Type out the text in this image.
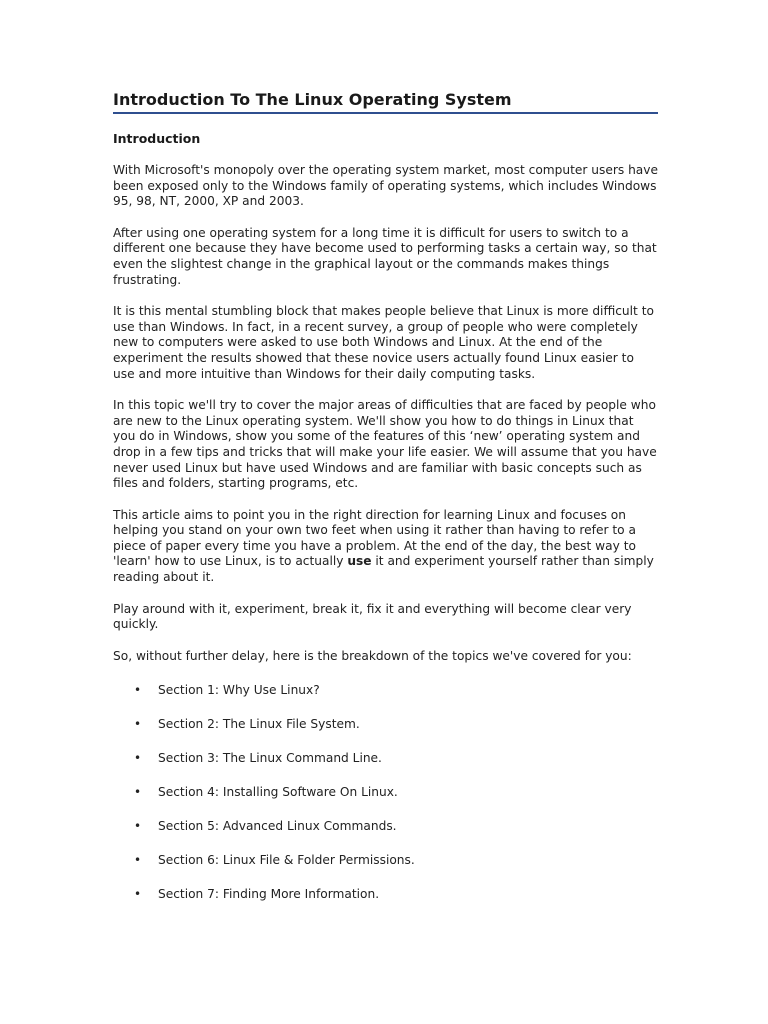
Introduction To The Linux Operating System
Introduction

With Microsoft's monopoly over the operating system market, most computer users have been exposed only to the Windows family of operating systems, which includes Windows 95, 98, NT, 2000, XP and 2003.

After using one operating system for a long time it is difficult for users to switch to a different one because they have become used to performing tasks a certain way, so that even the slightest change in the graphical layout or the commands makes things frustrating.

It is this mental stumbling block that makes people believe that Linux is more difficult to use than Windows. In fact, in a recent survey, a group of people who were completely new to computers were asked to use both Windows and Linux. At the end of the experiment the results showed that these novice users actually found Linux easier to use and more intuitive than Windows for their daily computing tasks.

In this topic we'll try to cover the major areas of difficulties that are faced by people who are new to the Linux operating system. We'll show you how to do things in Linux that you do in Windows, show you some of the features of this ‘new’ operating system and drop in a few tips and tricks that will make your life easier. We will assume that you have never used Linux but have used Windows and are familiar with basic concepts such as files and folders, starting programs, etc.

This article aims to point you in the right direction for learning Linux and focuses on helping you stand on your own two feet when using it rather than having to refer to a piece of paper every time you have a problem. At the end of the day, the best way to 'learn' how to use Linux, is to actually use it and experiment yourself rather than simply reading about it.

Play around with it, experiment, break it, fix it and everything will become clear very quickly.

So, without further delay, here is the breakdown of the topics we've covered for you:

• Section 1: Why Use Linux?
• Section 2: The Linux File System.
• Section 3: The Linux Command Line.
• Section 4: Installing Software On Linux.
• Section 5: Advanced Linux Commands.
• Section 6: Linux File & Folder Permissions.
• Section 7: Finding More Information.
